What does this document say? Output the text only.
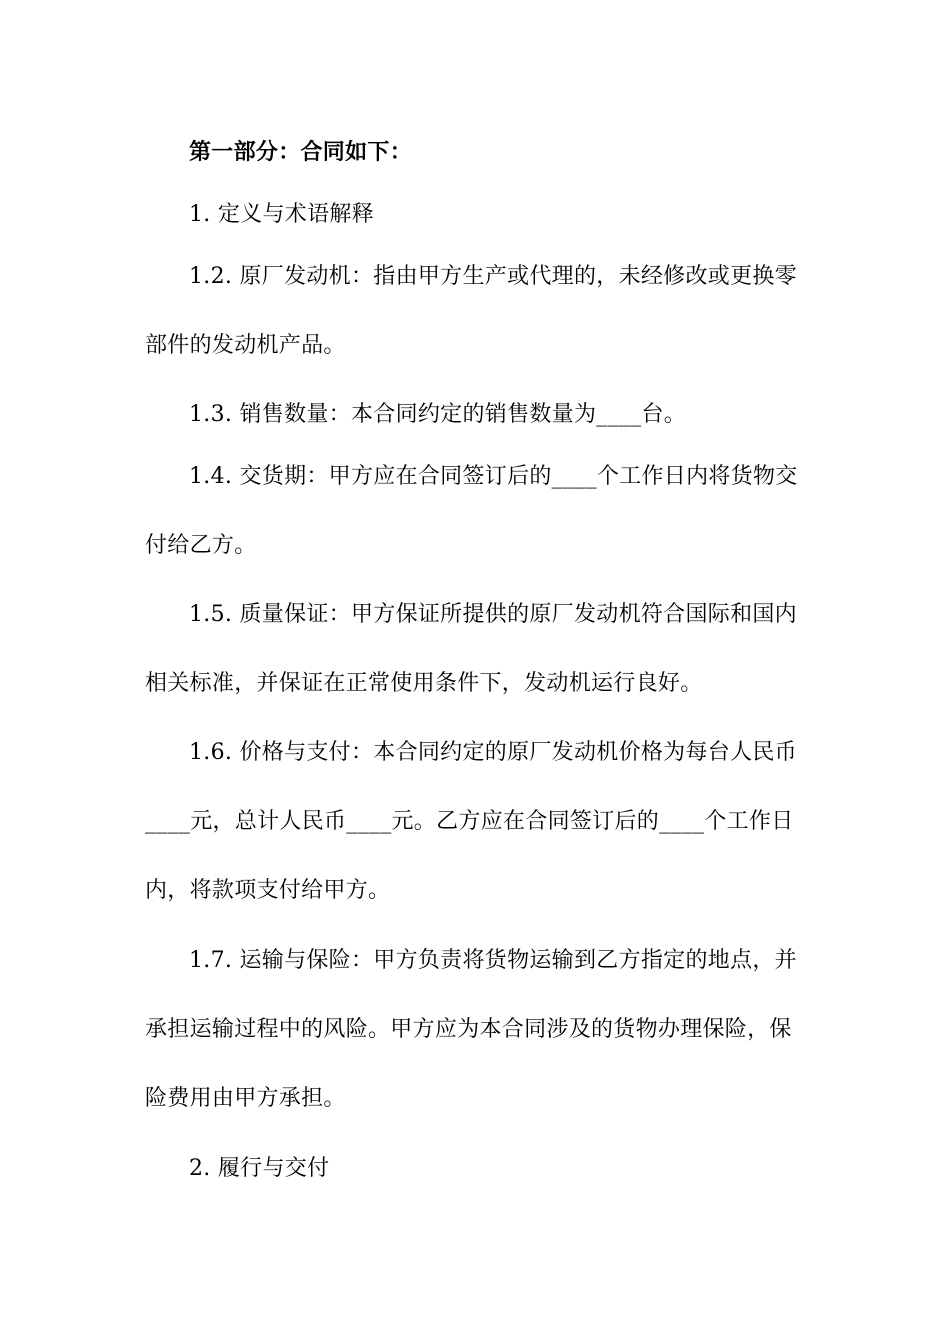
第一部分：合同如下：

1. 定义与术语解释

1.2. 原厂发动机：指由甲方生产或代理的，未经修改或更换零
部件的发动机产品。

1.3. 销售数量：本合同约定的销售数量为____台。

1.4. 交货期：甲方应在合同签订后的____个工作日内将货物交
付给乙方。

1.5. 质量保证：甲方保证所提供的原厂发动机符合国际和国内
相关标准，并保证在正常使用条件下，发动机运行良好。

1.6. 价格与支付：本合同约定的原厂发动机价格为每台人民币
____元，总计人民币____元。乙方应在合同签订后的____个工作日
内，将款项支付给甲方。

1.7. 运输与保险：甲方负责将货物运输到乙方指定的地点，并
承担运输过程中的风险。甲方应为本合同涉及的货物办理保险，保
险费用由甲方承担。

2. 履行与交付
